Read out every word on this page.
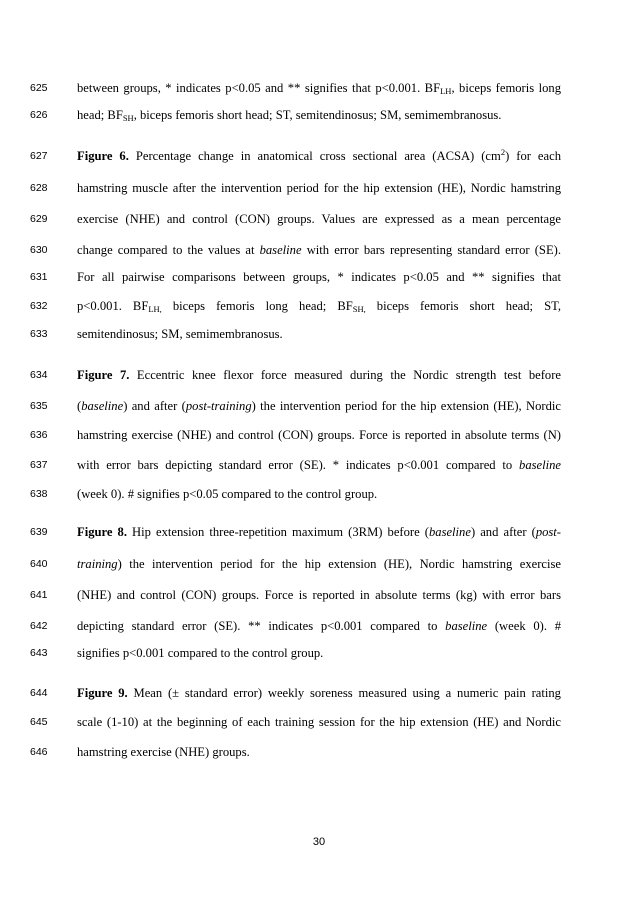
625	between groups, * indicates p<0.05 and ** signifies that p<0.001. $BF_{LH}$, biceps femoris long
626	head; $BF_{SH}$, biceps femoris short head; ST, semitendinosus; SM, semimembranosus.
627	Figure 6. Percentage change in anatomical cross sectional area (ACSA) $(cm^2)$ for each
628	hamstring muscle after the intervention period for the hip extension (HE), Nordic hamstring
629	exercise (NHE) and control (CON) groups. Values are expressed as a mean percentage
630	change compared to the values at baseline with error bars representing standard error (SE).
631	For all pairwise comparisons between groups, * indicates p<0.05 and ** signifies that
632	p<0.001. $BF_{LH,}$ biceps femoris long head; $BF_{SH,}$ biceps femoris short head; ST,
633	semitendinosus; SM, semimembranosus.
634	Figure 7. Eccentric knee flexor force measured during the Nordic strength test before
635	(baseline) and after (post-training) the intervention period for the hip extension (HE), Nordic
636	hamstring exercise (NHE) and control (CON) groups. Force is reported in absolute terms (N)
637	with error bars depicting standard error (SE). * indicates p<0.001 compared to baseline
638	(week 0). # signifies p<0.05 compared to the control group.
639	Figure 8. Hip extension three-repetition maximum (3RM) before (baseline) and after (post-
640	training) the intervention period for the hip extension (HE), Nordic hamstring exercise
641	(NHE) and control (CON) groups. Force is reported in absolute terms (kg) with error bars
642	depicting standard error (SE). ** indicates p<0.001 compared to baseline (week 0). #
643	signifies p<0.001 compared to the control group.
644	Figure 9. Mean (± standard error) weekly soreness measured using a numeric pain rating
645	scale (1-10) at the beginning of each training session for the hip extension (HE) and Nordic
646	hamstring exercise (NHE) groups.
30
